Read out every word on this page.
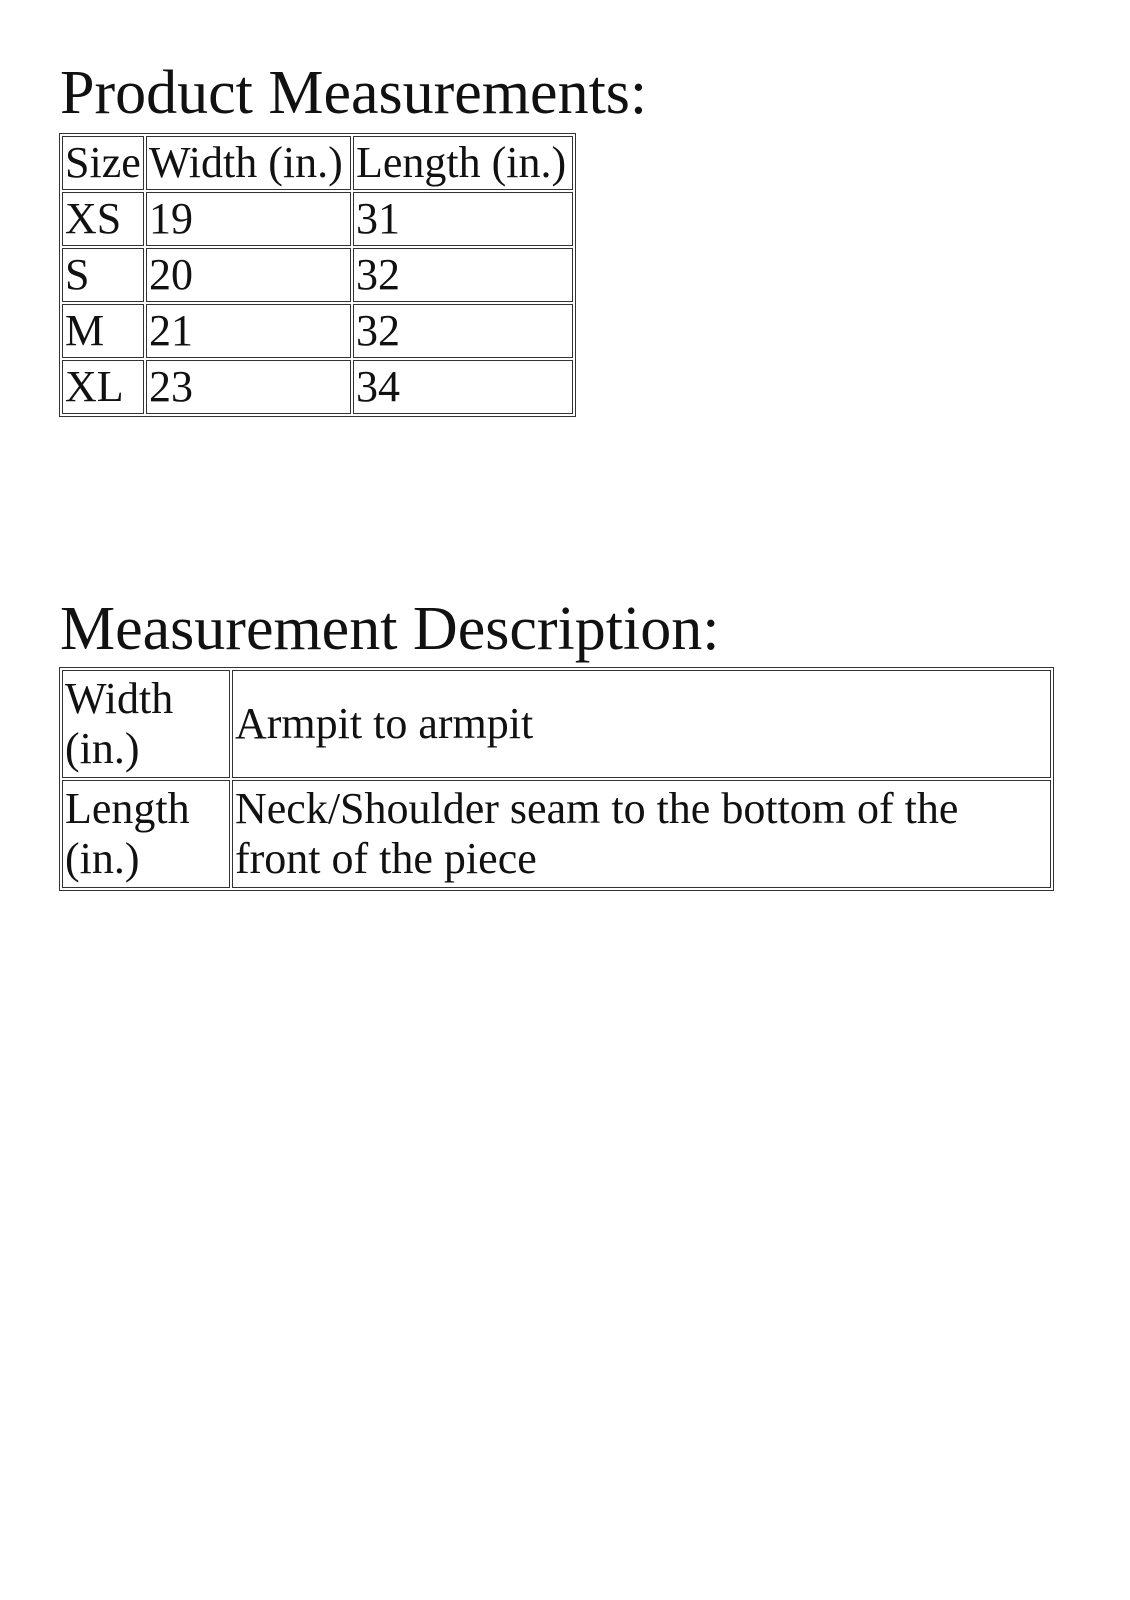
Product Measurements:
Size	Width (in.)	Length (in.)
XS	19	31
S	20	32
M	21	32
XL	23	34
Measurement Description:
Width (in.)	Armpit to armpit
Length (in.)	Neck/Shoulder seam to the bottom of the front of the piece
